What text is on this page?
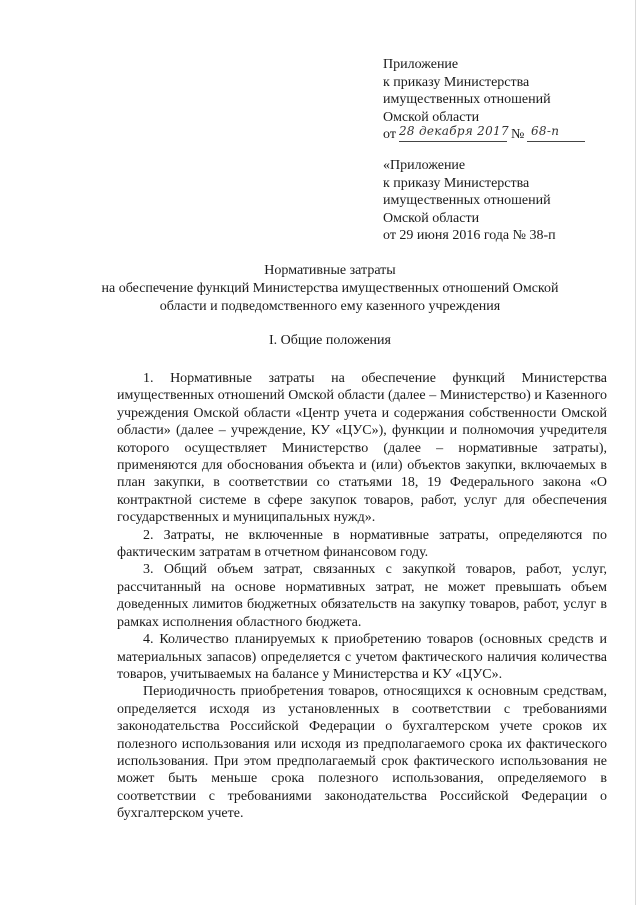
Приложение
к приказу Министерства
имущественных отношений
Омской области
от 28 декабря 2017 № 68-п
«Приложение
к приказу Министерства
имущественных отношений
Омской области
от 29 июня 2016 года № 38-п
Нормативные затраты
на обеспечение функций Министерства имущественных отношений Омской
области и подведомственного ему казенного учреждения
I. Общие положения

1. Нормативные затраты на обеспечение функций Министерства имущественных отношений Омской области (далее – Министерство) и Казенного учреждения Омской области «Центр учета и содержания собственности Омской области» (далее – учреждение, КУ «ЦУС»), функции и полномочия учредителя которого осуществляет Министерство (далее – нормативные затраты), применяются для обоснования объекта и (или) объектов закупки, включаемых в план закупки, в соответствии со статьями 18, 19 Федерального закона «О контрактной системе в сфере закупок товаров, работ, услуг для обеспечения государственных и муниципальных нужд».

2. Затраты, не включенные в нормативные затраты, определяются по фактическим затратам в отчетном финансовом году.

3. Общий объем затрат, связанных с закупкой товаров, работ, услуг, рассчитанный на основе нормативных затрат, не может превышать объем доведенных лимитов бюджетных обязательств на закупку товаров, работ, услуг в рамках исполнения областного бюджета.

4. Количество планируемых к приобретению товаров (основных средств и материальных запасов) определяется с учетом фактического наличия количества товаров, учитываемых на балансе у Министерства и КУ «ЦУС».

Периодичность приобретения товаров, относящихся к основным средствам, определяется исходя из установленных в соответствии с требованиями законодательства Российской Федерации о бухгалтерском учете сроков их полезного использования или исходя из предполагаемого срока их фактического использования. При этом предполагаемый срок фактического использования не может быть меньше срока полезного использования, определяемого в соответствии с требованиями законодательства Российской Федерации о бухгалтерском учете.
